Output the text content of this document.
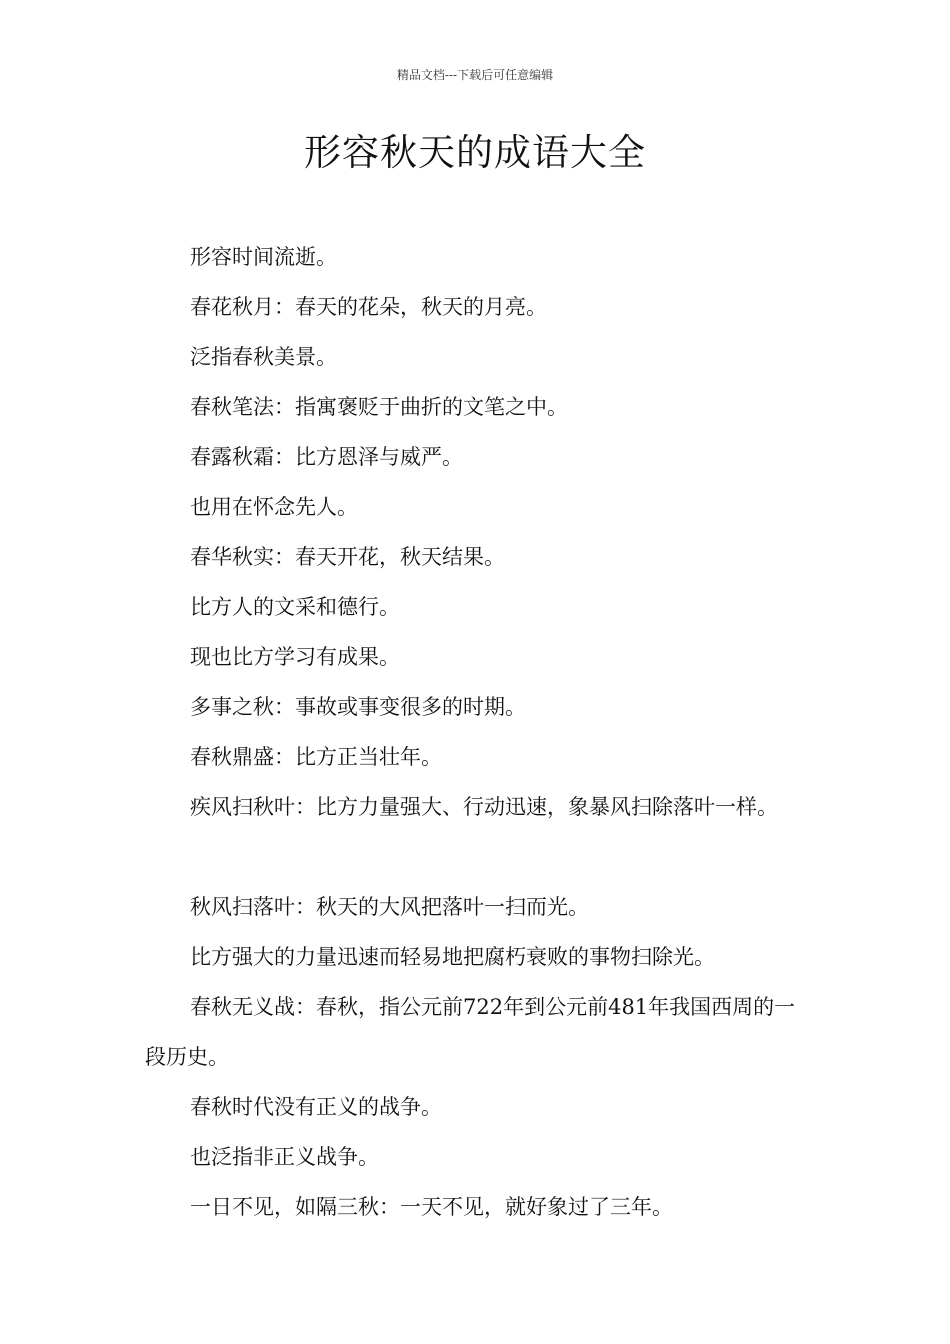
精品文档---下载后可任意编辑
形容秋天的成语大全

形容时间流逝。

春花秋月：春天的花朵，秋天的月亮。

泛指春秋美景。

春秋笔法：指寓褒贬于曲折的文笔之中。

春露秋霜：比方恩泽与威严。

也用在怀念先人。

春华秋实：春天开花，秋天结果。

比方人的文采和德行。

现也比方学习有成果。

多事之秋：事故或事变很多的时期。

春秋鼎盛：比方正当壮年。

疾风扫秋叶：比方力量强大、行动迅速，象暴风扫除落叶一样。

秋风扫落叶：秋天的大风把落叶一扫而光。

比方强大的力量迅速而轻易地把腐朽衰败的事物扫除光。

春秋无义战：春秋，指公元前722年到公元前481年我国西周的一段历史。

春秋时代没有正义的战争。

也泛指非正义战争。

一日不见，如隔三秋：一天不见，就好象过了三年。
